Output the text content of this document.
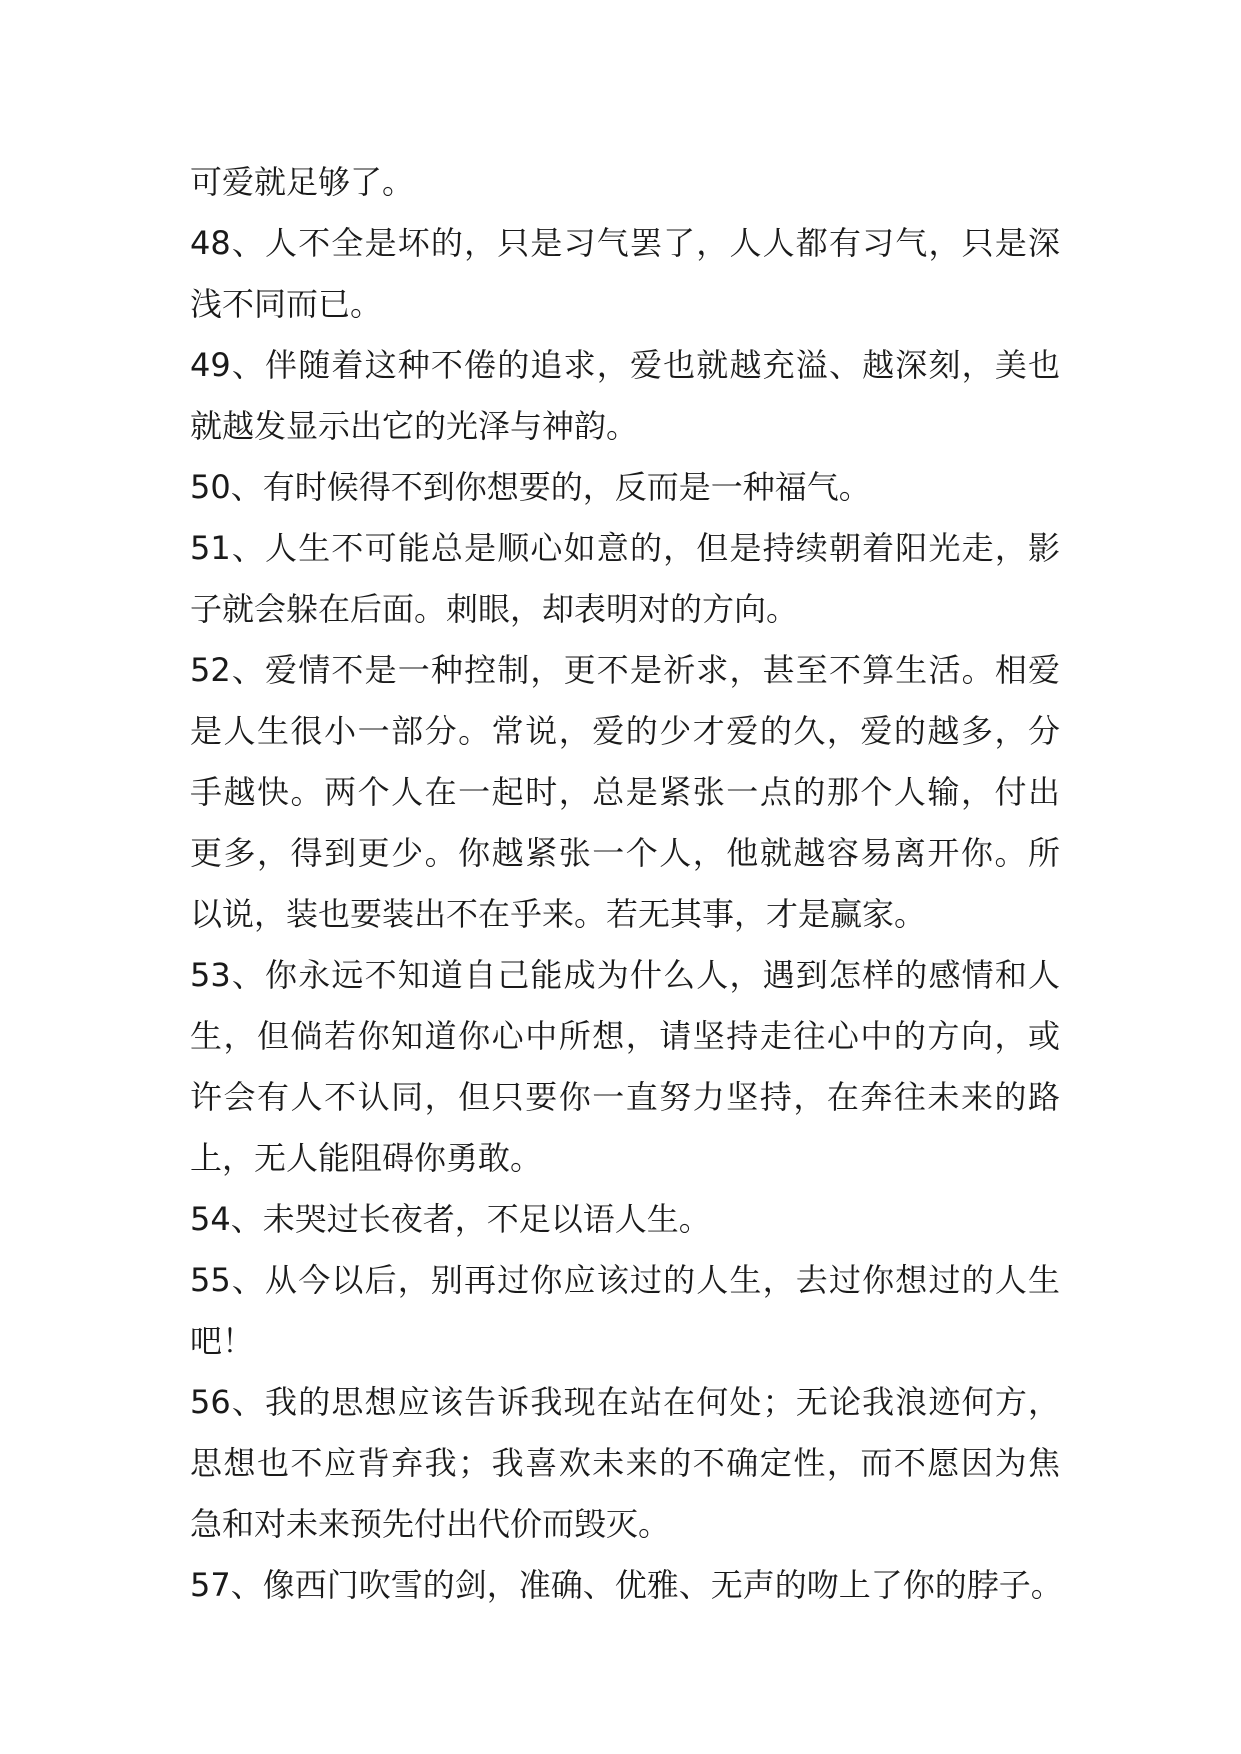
可爱就足够了。
48、人不全是坏的，只是习气罢了，人人都有习气，只是深
浅不同而已。
49、伴随着这种不倦的追求，爱也就越充溢、越深刻，美也
就越发显示出它的光泽与神韵。
50、有时候得不到你想要的，反而是一种福气。
51、人生不可能总是顺心如意的，但是持续朝着阳光走，影
子就会躲在后面。刺眼，却表明对的方向。
52、爱情不是一种控制，更不是祈求，甚至不算生活。相爱
是人生很小一部分。常说，爱的少才爱的久，爱的越多，分
手越快。两个人在一起时，总是紧张一点的那个人输，付出
更多，得到更少。你越紧张一个人，他就越容易离开你。所
以说，装也要装出不在乎来。若无其事，才是赢家。
53、你永远不知道自己能成为什么人，遇到怎样的感情和人
生，但倘若你知道你心中所想，请坚持走往心中的方向，或
许会有人不认同，但只要你一直努力坚持，在奔往未来的路
上，无人能阻碍你勇敢。
54、未哭过长夜者，不足以语人生。
55、从今以后，别再过你应该过的人生，去过你想过的人生
吧！
56、我的思想应该告诉我现在站在何处；无论我浪迹何方，
思想也不应背弃我；我喜欢未来的不确定性，而不愿因为焦
急和对未来预先付出代价而毁灭。
57、像西门吹雪的剑，准确、优雅、无声的吻上了你的脖子。
